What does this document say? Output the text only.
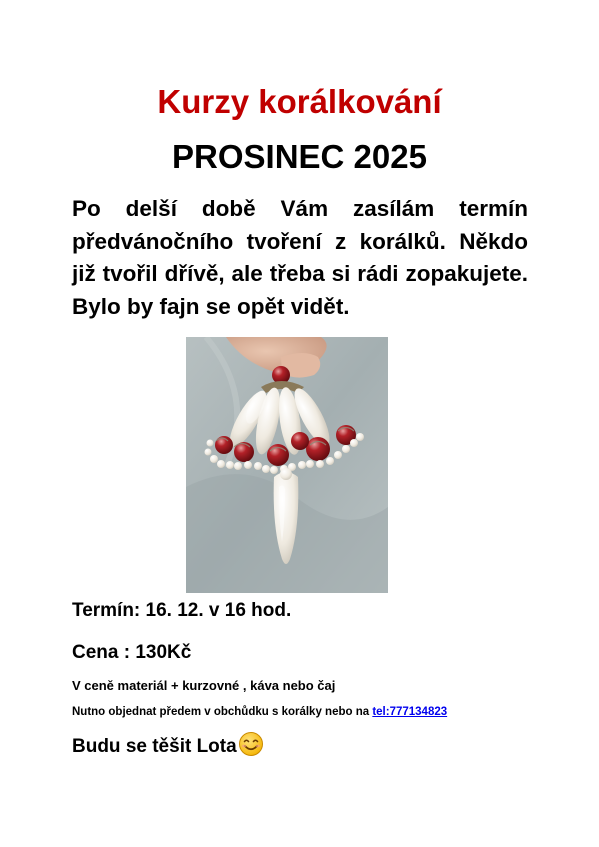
Kurzy korálkování
PROSINEC 2025
Po delší době Vám zasílám termín předvánočního tvoření z korálků. Někdo již tvořil dřívě, ale třeba si rádi zopakujete. Bylo by fajn se opět vidět.
Termín: 16. 12. v 16 hod.
Cena : 130Kč
V ceně materiál + kurzovné , káva nebo čaj
Nutno objednat předem v obchůdku s korálky nebo na tel:777134823
Budu se těšit Lota
